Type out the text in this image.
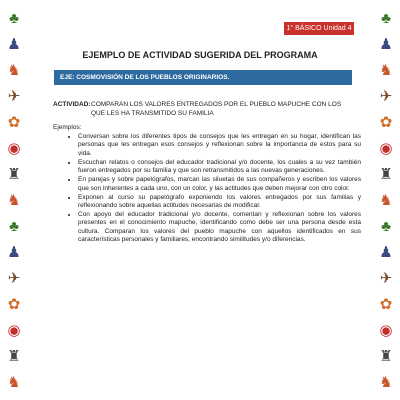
♣
♟
♞
✈
✿
◉
♜
♞
♣
♟
✈
✿
◉
♜
♞
♣
♟
♞
✈
✿
◉
♜
♞
♣
♟
✈
✿
◉
♜
♞
1° BÁSICO Unidad 4
EJEMPLO DE ACTIVIDAD SUGERIDA DEL PROGRAMA
EJE: COSMOVISIÓN DE LOS PUEBLOS ORIGINARIOS.
ACTIVIDAD: COMPARAN LOS VALORES ENTREGADOS POR EL PUEBLO MAPUCHE CON LOS QUE LES HA TRANSMITIDO SU FAMILIA
Ejemplos:
• Conversan sobre los diferentes tipos de consejos que les entregan en su hogar, identifican las personas que les entregan esos consejos y reflexionan sobre la importancia de estos para su vida.
• Escuchan relatos o consejos del educador tradicional y/o docente, los cuales a su vez también fueron entregados por su familia y que son retransmitidos a las nuevas generaciones.
• En parejas y sobre papelógrafos, marcan las siluetas de sus compañeros y escriben los valores que son inherentes a cada uno, con un color, y las actitudes que deben mejorar con otro color.
• Exponen al curso su papelógrafo exponiendo los valores entregados por sus familias y reflexionando sobre aquellas actitudes necesarias de modificar.
• Con apoyo del educador tradicional y/o docente, comentan y reflexionan sobre los valores presentes en el conocimiento mapuche, identificando como debe ser una persona desde esta cultura. Comparan los valores del pueblo mapuche con aquellos identificados en sus características personales y familiares, encontrando similitudes y/o diferencias.
